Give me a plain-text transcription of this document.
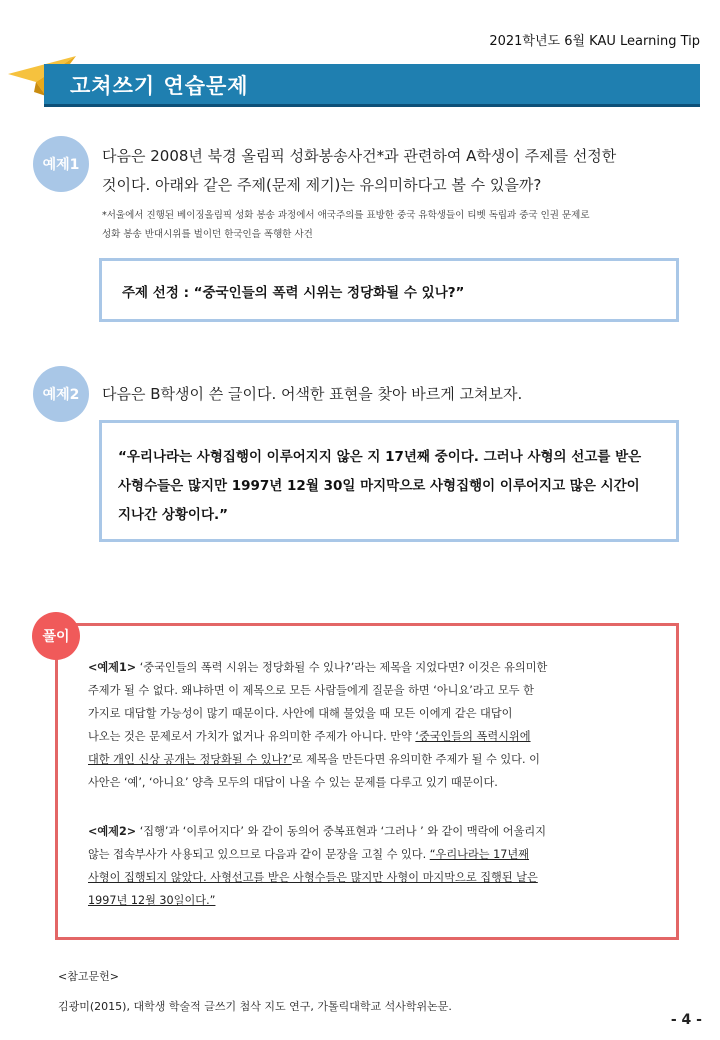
2021학년도 6월 KAU Learning Tip
고쳐쓰기 연습문제
예제1	다음은 2008년 북경 올림픽 성화봉송사건*과 관련하여 A학생이 주제를 선정한
것이다. 아래와 같은 주제(문제 제기)는 유의미하다고 볼 수 있을까?
*서울에서 진행된 베이징올림픽 성화 봉송 과정에서 애국주의를 표방한 중국 유학생들이 티벳 독립과 중국 인권 문제로
성화 봉송 반대시위를 벌이던 한국인을 폭행한 사건
주제 선정 : “중국인들의 폭력 시위는 정당화될 수 있나?”
예제2	다음은 B학생이 쓴 글이다. 어색한 표현을 찾아 바르게 고쳐보자.
“우리나라는 사형집행이 이루어지지 않은 지 17년째 중이다. 그러나 사형의 선고를 받은
사형수들은 많지만 1997년 12월 30일 마지막으로 사형집행이 이루어지고 많은 시간이
지나간 상황이다.”
<예제1> ‘중국인들의 폭력 시위는 정당화될 수 있나?’라는 제목을 지었다면? 이것은 유의미한
주제가 될 수 없다. 왜냐하면 이 제목으로 모든 사람들에게 질문을 하면 ‘아니요’라고 모두 한
가지로 대답할 가능성이 많기 때문이다. 사안에 대해 물었을 때 모든 이에게 같은 대답이
나오는 것은 문제로서 가치가 없거나 유의미한 주제가 아니다. 만약 ‘중국인들의 폭력시위에
대한 개인 신상 공개는 정당화될 수 있나?’로 제목을 만든다면 유의미한 주제가 될 수 있다. 이
사안은 ‘예’, ‘아니요’ 양측 모두의 대답이 나올 수 있는 문제를 다루고 있기 때문이다.
<예제2> ‘집행’과 ‘이루어지다’ 와 같이 동의어 중복표현과 ‘그러나 ’ 와 같이 맥락에 어울리지
않는 접속부사가 사용되고 있으므로 다음과 같이 문장을 고칠 수 있다. “우리나라는 17년째
사형이 집행되지 않았다. 사형선고를 받은 사형수들은 많지만 사형이 마지막으로 집행된 날은
1997년 12월 30일이다.”
풀이
<참고문헌>
김광미(2015), 대학생 학술적 글쓰기 첨삭 지도 연구, 가톨릭대학교 석사학위논문.
- 4 -
